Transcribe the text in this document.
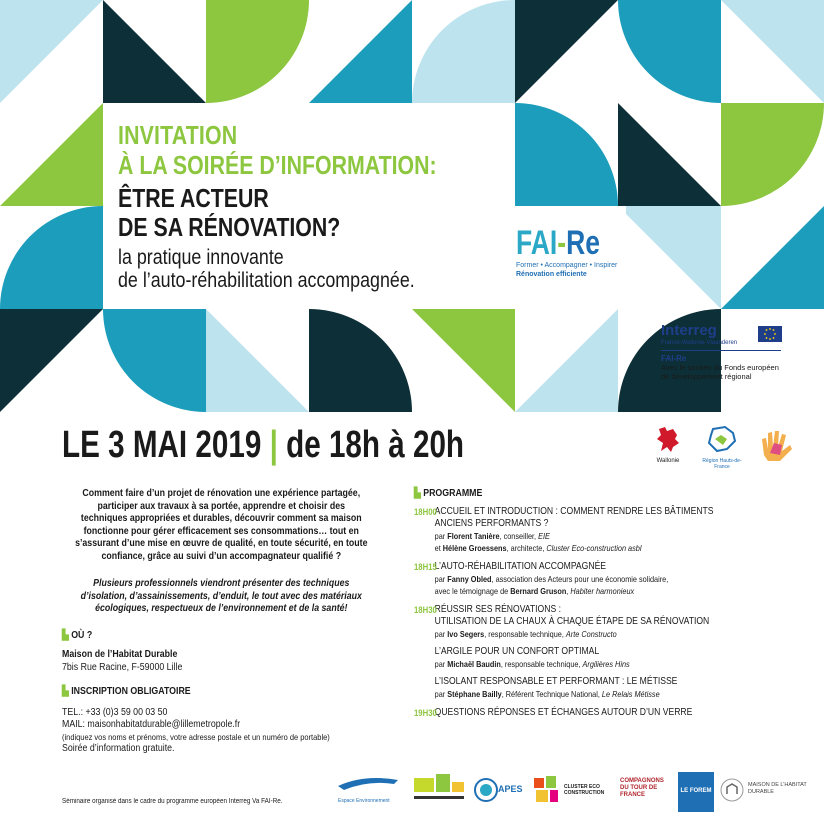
INVITATION
À LA SOIRÉE D’INFORMATION:
ÊTRE ACTEUR
DE SA RÉNOVATION?
la pratique innovante
de l’auto-réhabilitation accompagnée.
FAI-Re
Former • Accompagner • Inspirer
Rénovation efficiente
Interreg
France-Wallonie-Vlaanderen
FAI-Re
Avec le soutien du Fonds européen
de développement régional
LE 3 MAI 2019 | de 18h à 20h	Wallonie	Région Hauts-de-France
Comment faire d’un projet de rénovation une expérience partagée,
participer aux travaux à sa portée, apprendre et choisir des
techniques appropriées et durables, découvrir comment sa maison
fonctionne pour gérer efficacement ses consommations… tout en
s’assurant d’une mise en œuvre de qualité, en toute sécurité, en toute
confiance, grâce au suivi d’un accompagnateur qualifié ?
Plusieurs professionnels viendront présenter des techniques
d’isolation, d’assainissements, d’enduit, le tout avec des matériaux
écologiques, respectueux de l’environnement et de la santé!
▙ OÙ ?
Maison de l’Habitat Durable
7bis Rue Racine, F-59000 Lille
▙ INSCRIPTION OBLIGATOIRE
TEL.: +33 (0)3 59 00 03 50
MAIL: maisonhabitatdurable@lillemetropole.fr
(indiquez vos noms et prénoms, votre adresse postale et un numéro de portable)
Soirée d’information gratuite.
▙ PROGRAMME
18H00
ACCUEIL ET INTRODUCTION : COMMENT RENDRE LES BÂTIMENTS
ANCIENS PERFORMANTS ?
par Florent Tanière, conseiller, EIE
et Hélène Groessens, architecte, Cluster Eco-construction asbl
18H15
L’AUTO-RÉHABILITATION ACCOMPAGNÉE
par Fanny Obled, association des Acteurs pour une économie solidaire,
avec le témoignage de Bernard Gruson, Habiter harmonieux
18H30
RÉUSSIR SES RÉNOVATIONS :
UTILISATION DE LA CHAUX À CHAQUE ÉTAPE DE SA RÉNOVATION
par Ivo Segers, responsable technique, Arte Constructo
L’ARGILE POUR UN CONFORT OPTIMAL
par Michaël Baudin, responsable technique, Argilières Hins
L’ISOLANT RESPONSABLE ET PERFORMANT : LE MÉTISSE
par Stéphane Bailly, Référent Technique National, Le Relais Métisse
19H30
QUESTIONS RÉPONSES ET ÉCHANGES AUTOUR D’UN VERRE
Séminaire organisé dans le cadre du programme européen Interreg Va FAI-Re.	Espace Environnement
APES	CLUSTER ECO CONSTRUCTION
COMPAGNONS DU TOUR DE FRANCE
LE FOREM
MAISON DE L’HABITAT DURABLE
